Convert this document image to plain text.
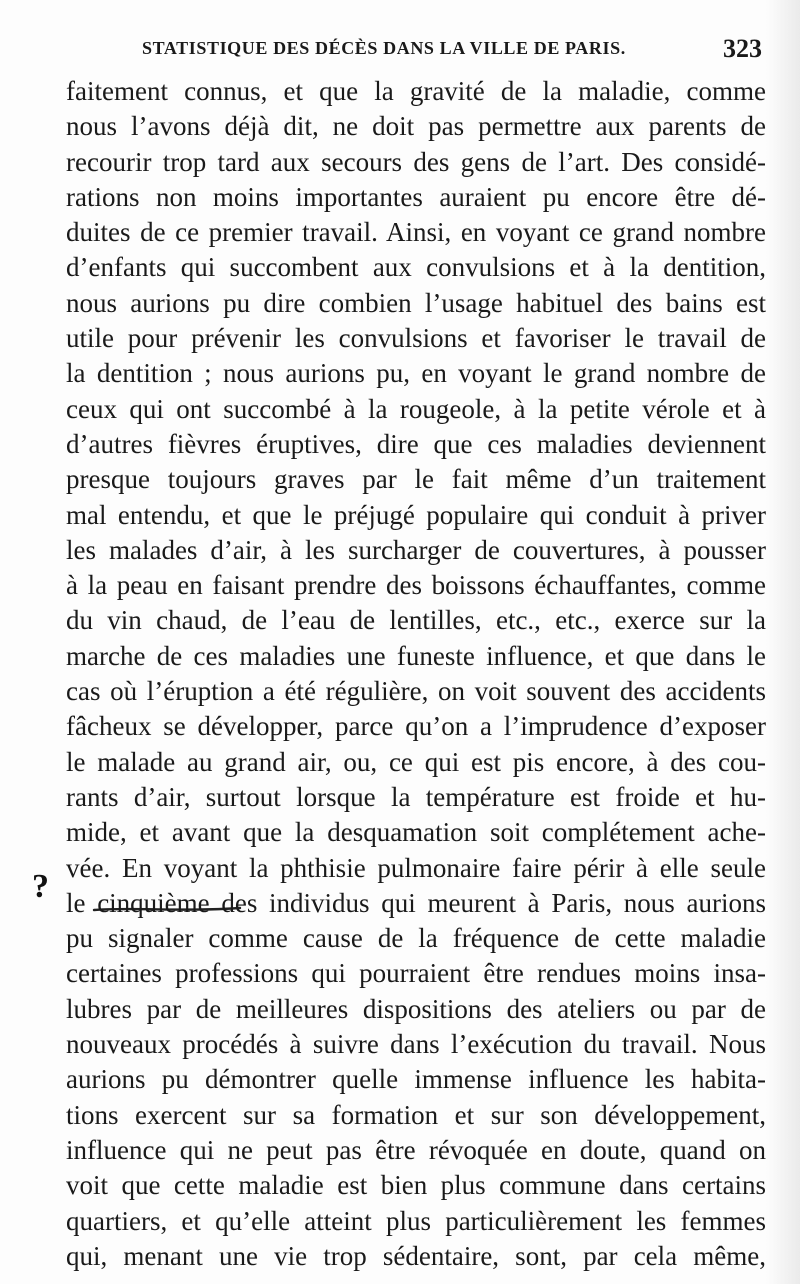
STATISTIQUE DES DÉCÈS DANS LA VILLE DE PARIS.	323
?
faitement connus, et que la gravité de la maladie, comme
nous l’avons déjà dit, ne doit pas permettre aux parents de
recourir trop tard aux secours des gens de l’art. Des considé-
rations non moins importantes auraient pu encore être dé-
duites de ce premier travail. Ainsi, en voyant ce grand nombre
d’enfants qui succombent aux convulsions et à la dentition,
nous aurions pu dire combien l’usage habituel des bains est
utile pour prévenir les convulsions et favoriser le travail de
la dentition ; nous aurions pu, en voyant le grand nombre de
ceux qui ont succombé à la rougeole, à la petite vérole et à
d’autres fièvres éruptives, dire que ces maladies deviennent
presque toujours graves par le fait même d’un traitement
mal entendu, et que le préjugé populaire qui conduit à priver
les malades d’air, à les surcharger de couvertures, à pousser
à la peau en faisant prendre des boissons échauffantes, comme
du vin chaud, de l’eau de lentilles, etc., etc., exerce sur la
marche de ces maladies une funeste influence, et que dans le
cas où l’éruption a été régulière, on voit souvent des accidents
fâcheux se développer, parce qu’on a l’imprudence d’exposer
le malade au grand air, ou, ce qui est pis encore, à des cou-
rants d’air, surtout lorsque la température est froide et hu-
mide, et avant que la desquamation soit complétement ache-
vée. En voyant la phthisie pulmonaire faire périr à elle seule
le cinquième des individus qui meurent à Paris, nous aurions
pu signaler comme cause de la fréquence de cette maladie
certaines professions qui pourraient être rendues moins insa-
lubres par de meilleures dispositions des ateliers ou par de
nouveaux procédés à suivre dans l’exécution du travail. Nous
aurions pu démontrer quelle immense influence les habita-
tions exercent sur sa formation et sur son développement,
influence qui ne peut pas être révoquée en doute, quand on
voit que cette maladie est bien plus commune dans certains
quartiers, et qu’elle atteint plus particulièrement les femmes
qui, menant une vie trop sédentaire, sont, par cela même,
